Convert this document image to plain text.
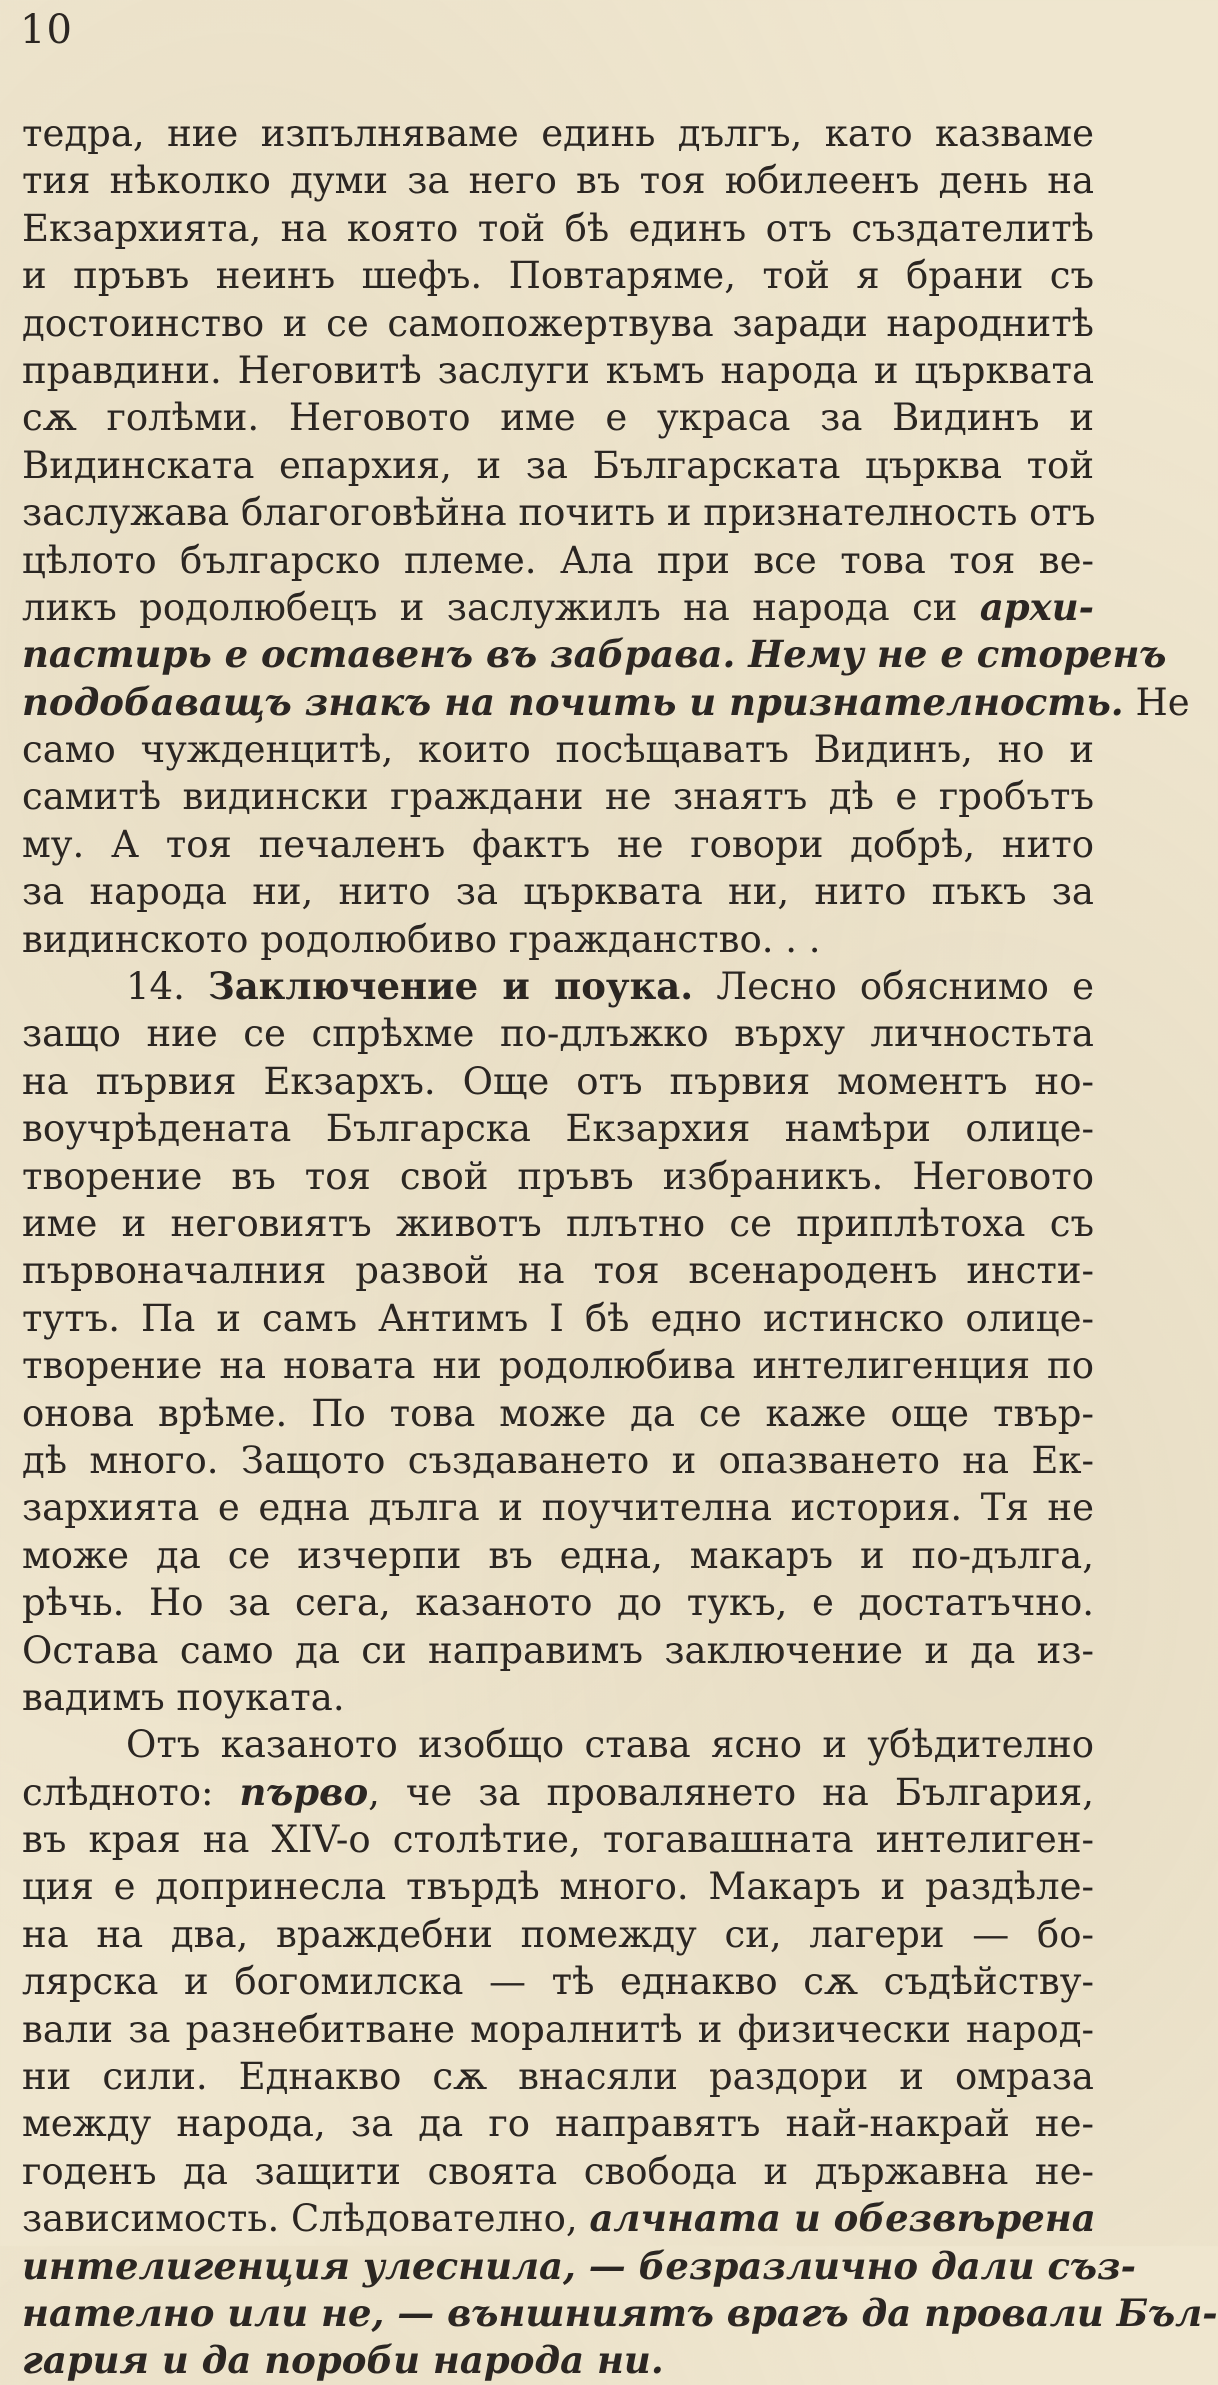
10
тедра, ние изпълняваме единь дългъ, като казваме
тия нѣколко думи за него въ тоя юбилеенъ день на
Екзархията, на която той бѣ единъ отъ създателитѣ
и пръвъ неинъ шефъ. Повтаряме, той я брани съ
достоинство и се самопожертвува заради народнитѣ
правдини. Неговитѣ заслуги къмъ народа и църквата
сѫ голѣми. Неговото име е украса за Видинъ и
Видинската епархия, и за Българската църква той
заслужава благоговѣйна почить и признателность отъ
цѣлото българско племе. Ала при все това тоя ве-
ликъ родолюбецъ и заслужилъ на народа си архи-
пастирь е оставенъ въ забрава. Нему не е сторенъ
подобаващъ знакъ на почить и признателность. Не
само чужденцитѣ, които посѣщаватъ Видинъ, но и
самитѣ видински граждани не знаятъ дѣ е гробътъ
му. А тоя печаленъ фактъ не говори добрѣ, нито
за народа ни, нито за църквата ни, нито пъкъ за
видинското родолюбиво гражданство. . .
14. Заключение и поука. Лесно обяснимо е
защо ние се спрѣхме по-длъжко върху личностьта
на първия Екзархъ. Още отъ първия моментъ но-
воучрѣдената Българска Екзархия намѣри олице-
творение въ тоя свой пръвъ избраникъ. Неговото
име и неговиятъ животъ плътно се приплѣтоха съ
първоначалния развой на тоя всенароденъ инсти-
тутъ. Па и самъ Антимъ I бѣ едно истинско олице-
творение на новата ни родолюбива интелигенция по
онова врѣме. По това може да се каже още твър-
дѣ много. Защото създаването и опазването на Ек-
зархията е една дълга и поучителна история. Тя не
може да се изчерпи въ една, макаръ и по-дълга,
рѣчь. Но за сега, казаното до тукъ, е достатъчно.
Остава само да си направимъ заключение и да из-
вадимъ поуката.
Отъ казаното изобщо става ясно и убѣдително
слѣдното: първо, че за провалянето на България,
въ края на XIV-о столѣтие, тогавашната интелиген-
ция е допринесла твърдѣ много. Макаръ и раздѣле-
на на два, враждебни помежду си, лагери — бо-
лярска и богомилска — тѣ еднакво сѫ съдѣйству-
вали за разнебитване моралнитѣ и физически народ-
ни сили. Еднакво сѫ внасяли раздори и омраза
между народа, за да го направятъ най-накрай не-
годенъ да защити своята свобода и държавна не-
зависимость. Слѣдователно, алчната и обезвѣрена
интелигенция улеснила, — безразлично дали съз-
нателно или не, — външниятъ врагъ да провали Бъл-
гария и да пороби народа ни.
